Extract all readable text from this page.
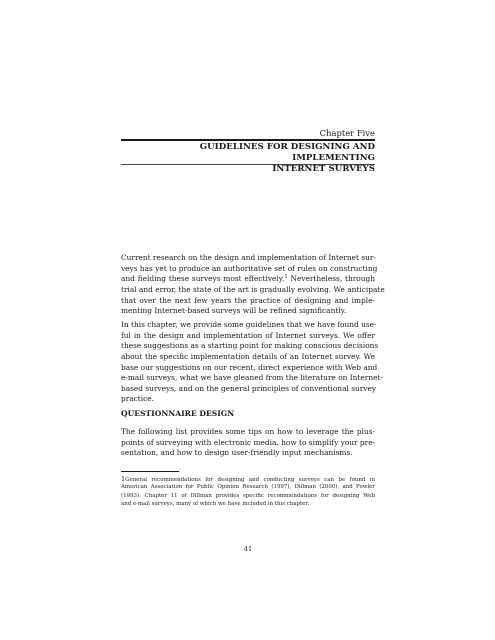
Chapter Five
GUIDELINES FOR DESIGNING AND IMPLEMENTING
INTERNET SURVEYS
Current research on the design and implementation of Internet sur-
veys has yet to produce an authoritative set of rules on constructing
and fielding these surveys most effectively.$^1$ Nevertheless, through
trial and error, the state of the art is gradually evolving. We anticipate
that over the next few years the practice of designing and imple-
menting Internet-based surveys will be refined significantly.
In this chapter, we provide some guidelines that we have found use-
ful in the design and implementation of Internet surveys. We offer
these suggestions as a starting point for making conscious decisions
about the specific implementation details of an Internet survey. We
base our suggestions on our recent, direct experience with Web and
e-mail surveys, what we have gleaned from the literature on Internet-
based surveys, and on the general principles of conventional survey
practice.
QUESTIONNAIRE DESIGN
The following list provides some tips on how to leverage the plus-
points of surveying with electronic media, how to simplify your pre-
sentation, and how to design user-friendly input mechanisms.
1General recommendations for designing and conducting surveys can be found in
American Association for Public Opinion Research (1997), Dillman (2000), and Fowler
(1993). Chapter 11 of Dillman provides specific recommendations for designing Web
and e-mail surveys, many of which we have included in this chapter.
41
